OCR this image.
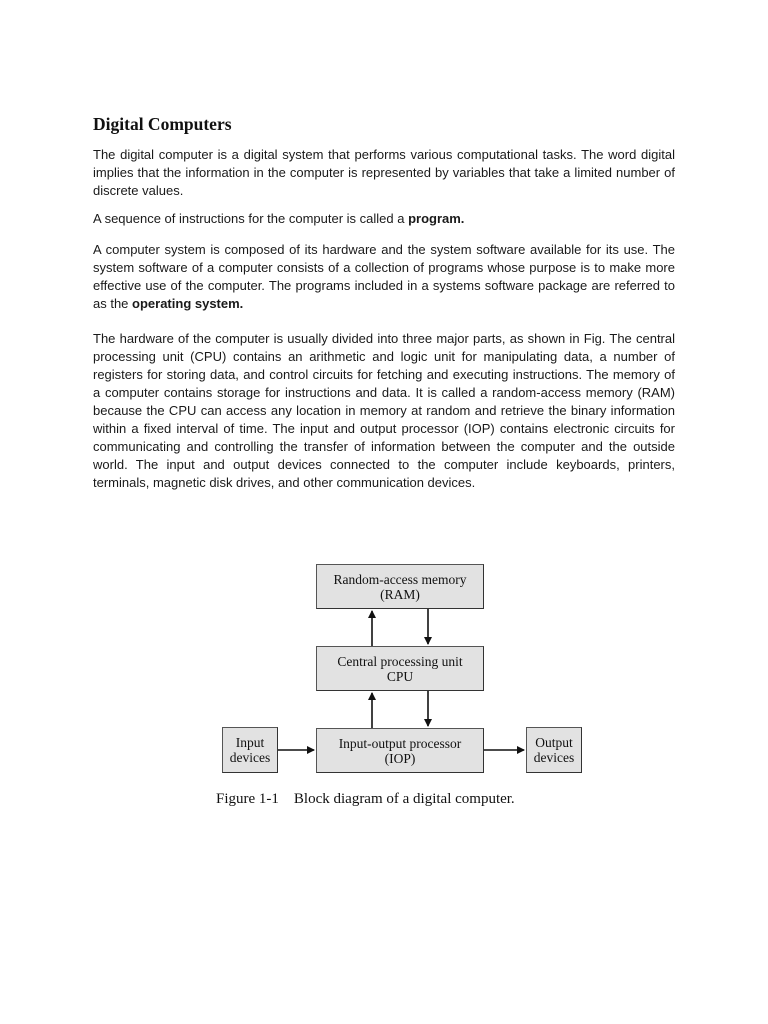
Digital Computers

The digital computer is a digital system that performs various computational tasks. The word digital implies that the information in the computer is represented by variables that take a limited number of discrete values.

A sequence of instructions for the computer is called a program.

A computer system is composed of its hardware and the system software available for its use. The system software of a computer consists of a collection of programs whose purpose is to make more effective use of the computer. The programs included in a systems software package are referred to as the operating system.

The hardware of the computer is usually divided into three major parts, as shown in Fig. The central processing unit (CPU) contains an arithmetic and logic unit for manipulating data, a number of registers for storing data, and control circuits for fetching and executing instructions. The memory of a computer contains storage for instructions and data. It is called a random-access memory (RAM) because the CPU can access any location in memory at random and retrieve the binary information within a fixed interval of time. The input and output processor (IOP) contains electronic circuits for communicating and controlling the transfer of information between the computer and the outside world. The input and output devices connected to the computer include keyboards, printers, terminals, magnetic disk drives, and other communication devices.

Random-access memory
(RAM)
Central processing unit
CPU
Input-output processor
(IOP)
Input
devices
Output
devices
Figure 1-1    Block diagram of a digital computer.
